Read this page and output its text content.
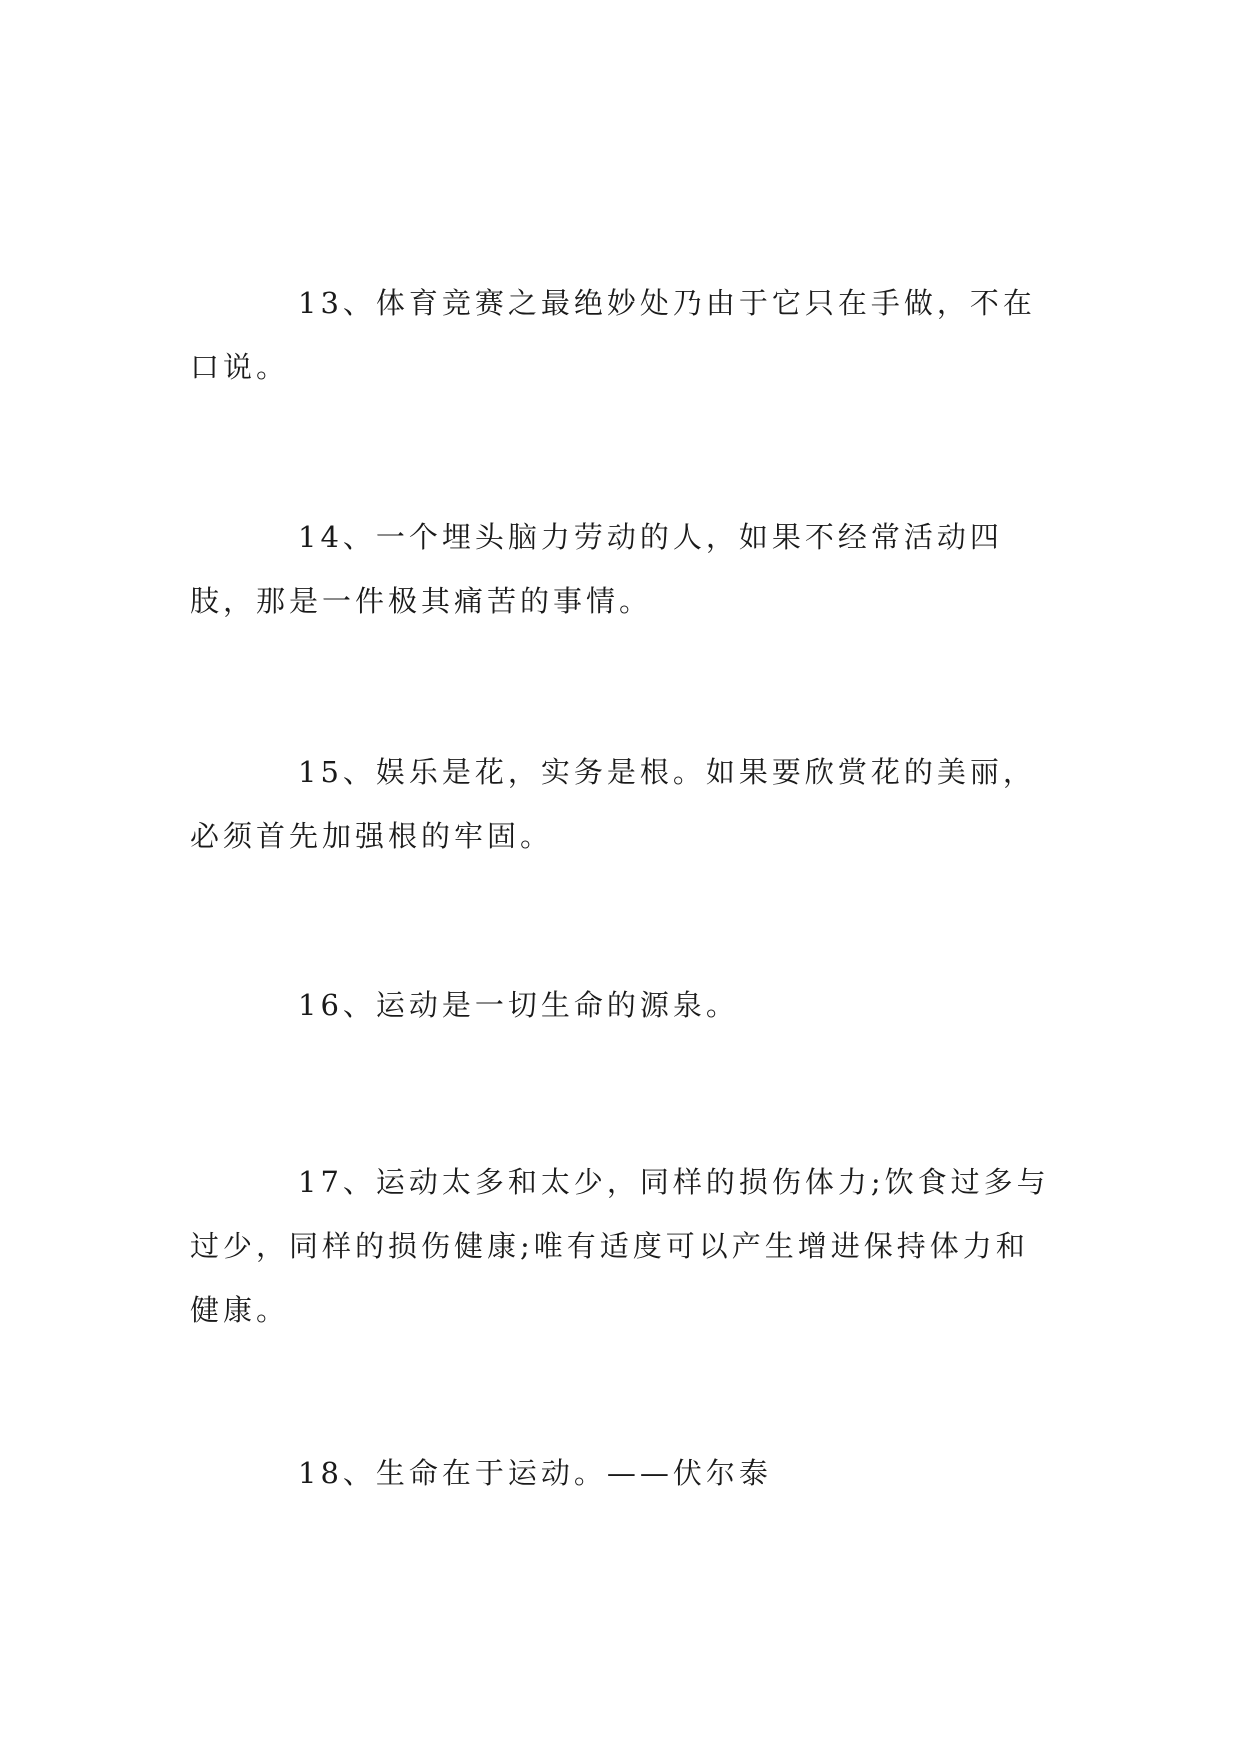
13、体育竞赛之最绝妙处乃由于它只在手做，不在口说。

14、一个埋头脑力劳动的人，如果不经常活动四肢，那是一件极其痛苦的事情。

15、娱乐是花，实务是根。如果要欣赏花的美丽，必须首先加强根的牢固。

16、运动是一切生命的源泉。

17、运动太多和太少，同样的损伤体力;饮食过多与过少，同样的损伤健康;唯有适度可以产生增进保持体力和健康。

18、生命在于运动。——伏尔泰
